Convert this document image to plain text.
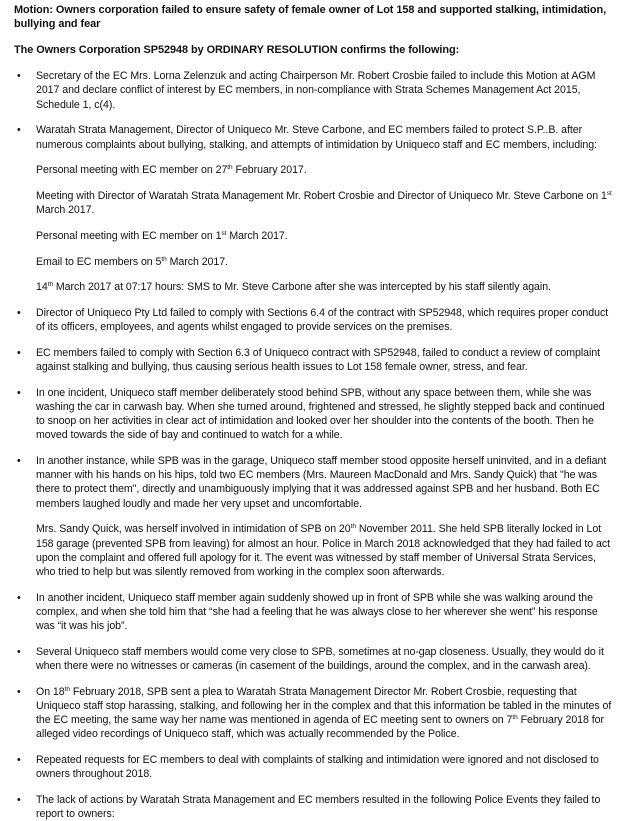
Motion: Owners corporation failed to ensure safety of female owner of Lot 158 and supported stalking, intimidation, bullying and fear

The Owners Corporation SP52948 by ORDINARY RESOLUTION confirms the following:

•	Secretary of the EC Mrs. Lorna Zelenzuk and acting Chairperson Mr. Robert Crosbie failed to include this Motion at AGM 2017 and declare conflict of interest by EC members, in non-compliance with Strata Schemes Management Act 2015, Schedule 1, c(4).
•	Waratah Strata Management, Director of Uniqueco Mr. Steve Carbone, and EC members failed to protect S.P..B. after numerous complaints about bullying, stalking, and attempts of intimidation by Uniqueco staff and EC members, including:
Personal meeting with EC member on 27th February 2017.
Meeting with Director of Waratah Strata Management Mr. Robert Crosbie and Director of Uniqueco Mr. Steve Carbone on 1st March 2017.
Personal meeting with EC member on 1st March 2017.
Email to EC members on 5th March 2017.
14th March 2017 at 07:17 hours: SMS to Mr. Steve Carbone after she was intercepted by his staff silently again.
•	Director of Uniqueco Pty Ltd failed to comply with Sections 6.4 of the contract with SP52948, which requires proper conduct of its officers, employees, and agents whilst engaged to provide services on the premises.
•	EC members failed to comply with Section 6.3 of Uniqueco contract with SP52948, failed to conduct a review of complaint against stalking and bullying, thus causing serious health issues to Lot 158 female owner, stress, and fear.
•	In one incident, Uniqueco staff member deliberately stood behind SPB, without any space between them, while she was washing the car in carwash bay. When she turned around, frightened and stressed, he slightly stepped back and continued to snoop on her activities in clear act of intimidation and looked over her shoulder into the contents of the booth. Then he moved towards the side of bay and continued to watch for a while.
•	In another instance, while SPB was in the garage, Uniqueco staff member stood opposite herself uninvited, and in a defiant manner with his hands on his hips, told two EC members (Mrs. Maureen MacDonald and Mrs. Sandy Quick) that "he was there to protect them", directly and unambiguously implying that it was addressed against SPB and her husband. Both EC members laughed loudly and made her very upset and uncomfortable.
Mrs. Sandy Quick, was herself involved in intimidation of SPB on 20th November 2011. She held SPB literally locked in Lot 158 garage (prevented SPB from leaving) for almost an hour. Police in March 2018 acknowledged that they had failed to act upon the complaint and offered full apology for it. The event was witnessed by staff member of Universal Strata Services, who tried to help but was silently removed from working in the complex soon afterwards.
•	In another incident, Uniqueco staff member again suddenly showed up in front of SPB while she was walking around the complex, and when she told him that “she had a feeling that he was always close to her wherever she went” his response was “it was his job”.
•	Several Uniqueco staff members would come very close to SPB, sometimes at no-gap closeness. Usually, they would do it when there were no witnesses or cameras (in casement of the buildings, around the complex, and in the carwash area).
•	On 18th February 2018, SPB sent a plea to Waratah Strata Management Director Mr. Robert Crosbie, requesting that Uniqueco staff stop harassing, stalking, and following her in the complex and that this information be tabled in the minutes of the EC meeting, the same way her name was mentioned in agenda of EC meeting sent to owners on 7th February 2018 for alleged video recordings of Uniqueco staff, which was actually recommended by the Police.
•	Repeated requests for EC members to deal with complaints of stalking and intimidation were ignored and not disclosed to owners throughout 2018.
•	The lack of actions by Waratah Strata Management and EC members resulted in the following Police Events they failed to report to owners:
